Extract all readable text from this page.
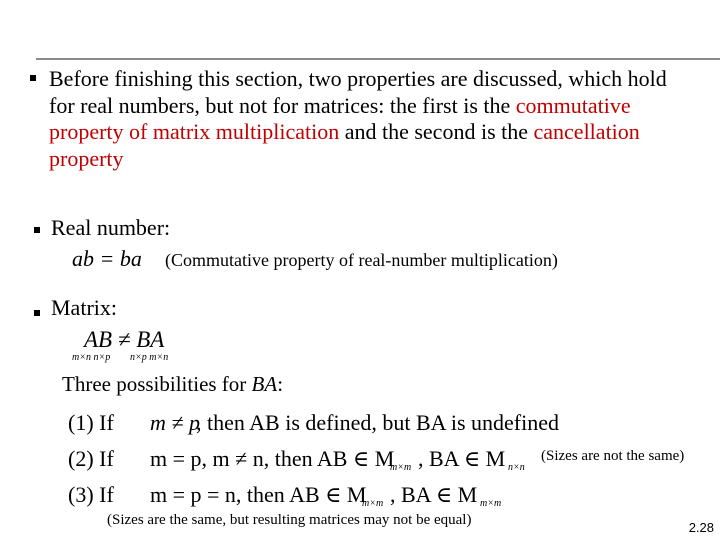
Before finishing this section, two properties are discussed, which hold for real numbers, but not for matrices: the first is the commutative property of matrix multiplication and the second is the cancellation property
Real number:
ab = ba (Commutative property of real-number multiplication)
Matrix:
AB ≠ BA
m×n n×p n×p m×n
Three possibilities for BA:
(1) If m ≠ p
, then AB is defined, but BA is undefined
(2) If m = p, m ≠ n, then AB ∈ M
m×m , BA ∈ M n×n
(Sizes are not the same)
(3) If m = p = n, then AB ∈ M
m×m , BA ∈ M m×m
(Sizes are the same, but resulting matrices may not be equal)	2.28
